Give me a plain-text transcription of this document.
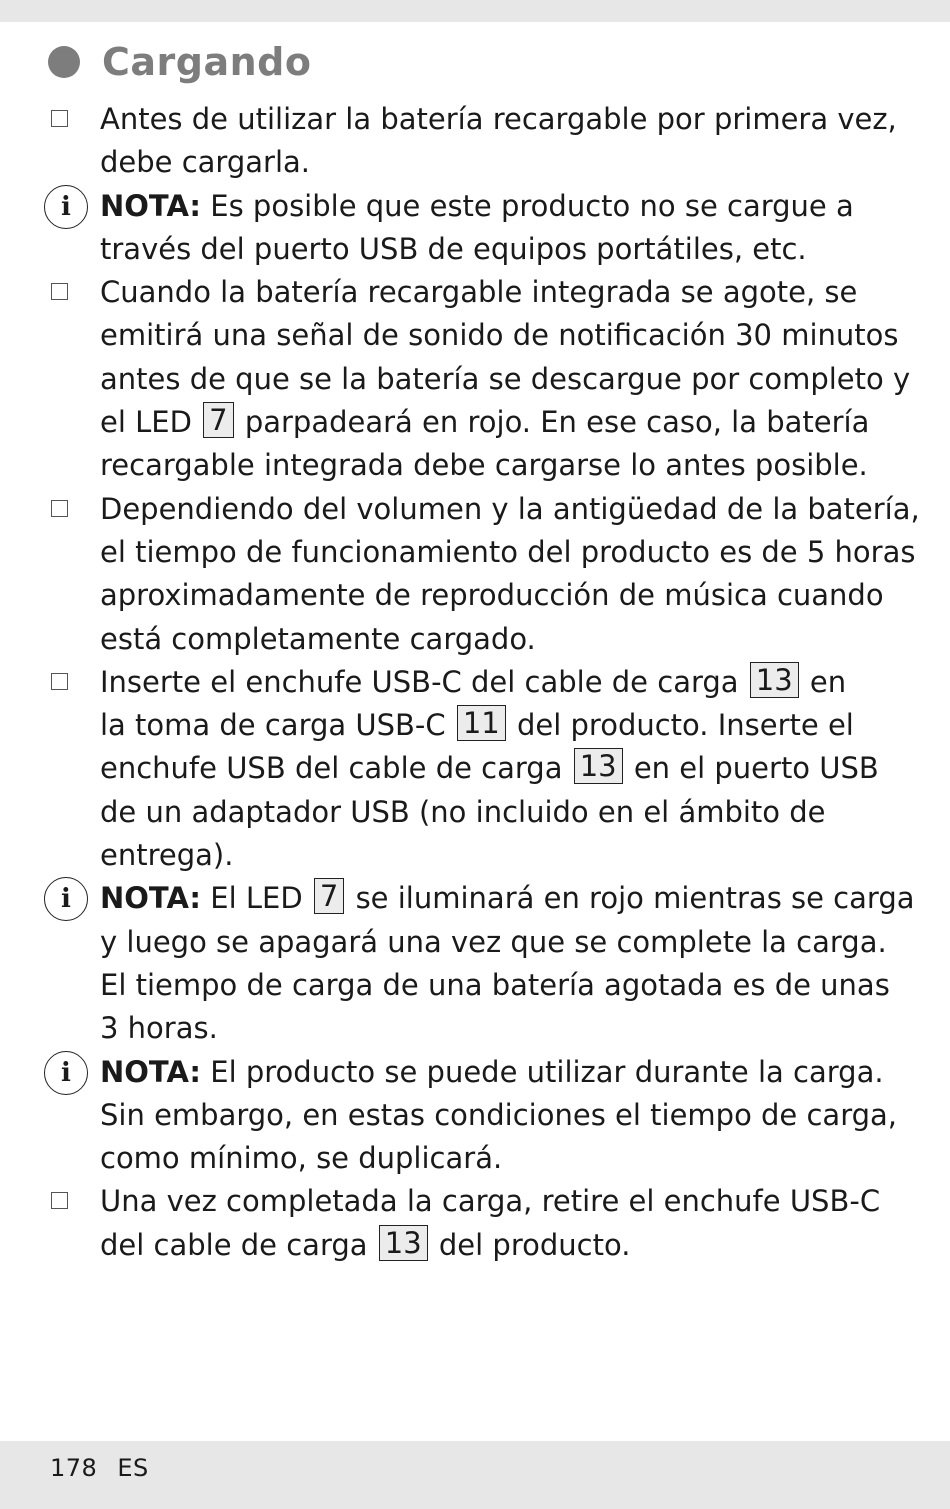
Cargando
Antes de utilizar la batería recargable por primera vez,
debe cargarla.
i	NOTA: Es posible que este producto no se cargue a
través del puerto USB de equipos portátiles, etc.
Cuando la batería recargable integrada se agote, se
emitirá una señal de sonido de notificación 30 minutos
antes de que se la batería se descargue por completo y
el LED 7 parpadeará en rojo. En ese caso, la batería
recargable integrada debe cargarse lo antes posible.
Dependiendo del volumen y la antigüedad de la batería,
el tiempo de funcionamiento del producto es de 5 horas
aproximadamente de reproducción de música cuando
está completamente cargado.
Inserte el enchufe USB-C del cable de carga 13 en
la toma de carga USB-C 11 del producto. Inserte el
enchufe USB del cable de carga 13 en el puerto USB
de un adaptador USB (no incluido en el ámbito de
entrega).
i	NOTA: El LED 7 se iluminará en rojo mientras se carga
y luego se apagará una vez que se complete la carga.
El tiempo de carga de una batería agotada es de unas
3 horas.
i	NOTA: El producto se puede utilizar durante la carga.
Sin embargo, en estas condiciones el tiempo de carga,
como mínimo, se duplicará.
Una vez completada la carga, retire el enchufe USB-C
del cable de carga 13 del producto.
178 ES
